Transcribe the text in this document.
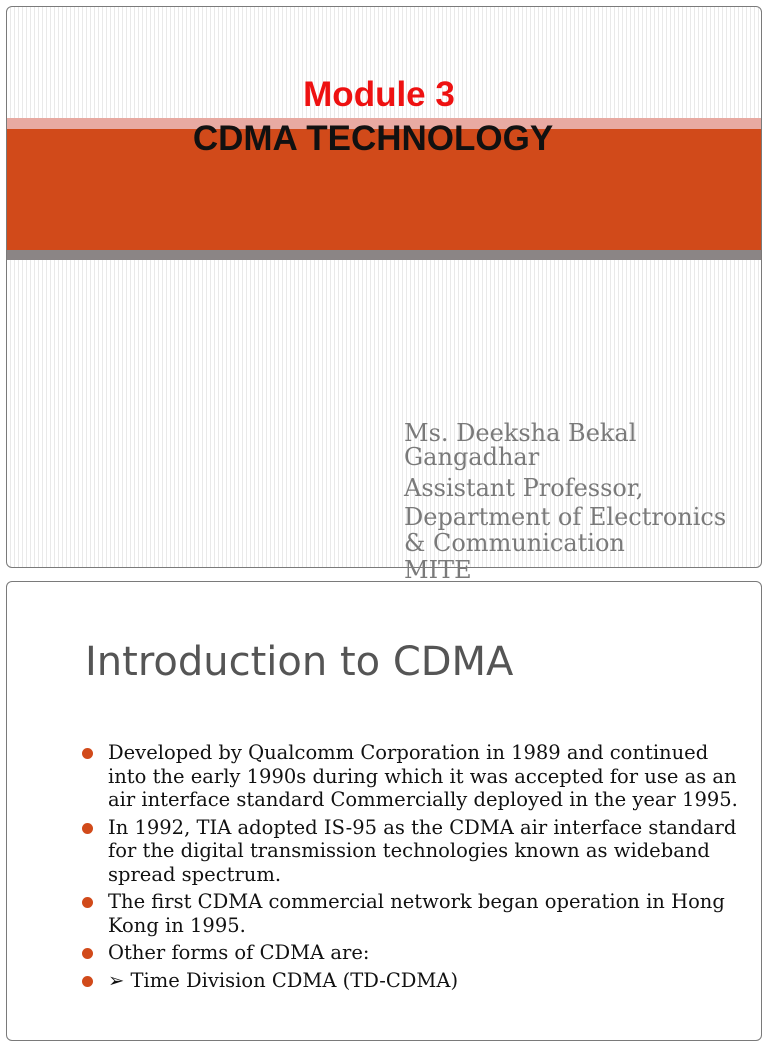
Module 3
CDMA TECHNOLOGY
Ms. Deeksha Bekal
Gangadhar
Assistant Professor,
Department of Electronics
& Communication
MITE
Introduction to CDMA
Developed by Qualcomm Corporation in 1989 and continued into the early 1990s during which it was accepted for use as an air interface standard Commercially deployed in the year 1995.
In 1992, TIA adopted IS-95 as the CDMA air interface standard for the digital transmission technologies known as wideband spread spectrum.
The first CDMA commercial network began operation in Hong Kong in 1995.
Other forms of CDMA are:
➢ Time Division CDMA (TD-CDMA)
